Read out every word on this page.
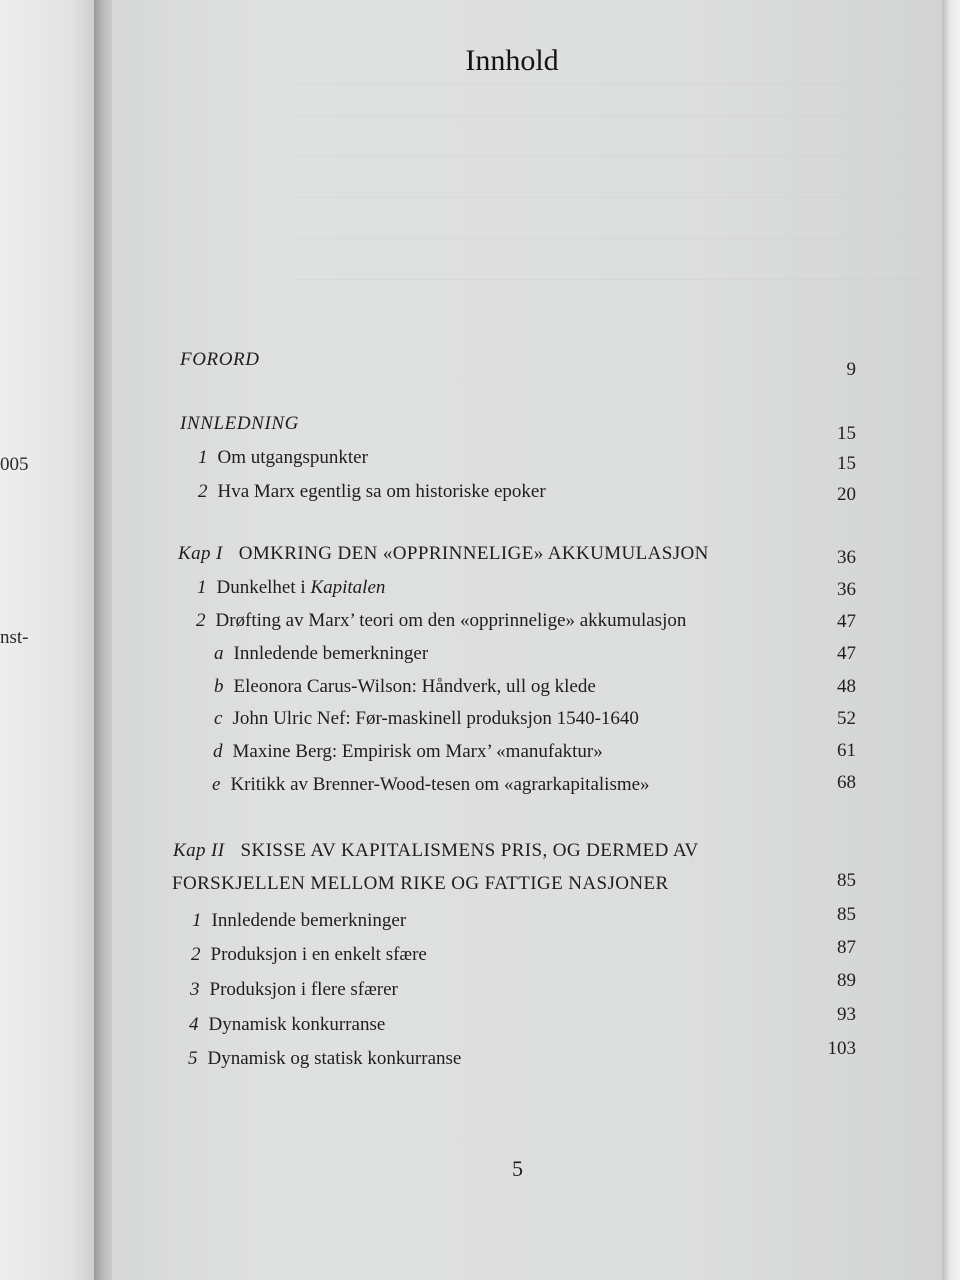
005
nst-
Innhold
FORORD	9
INNLEDNING	15
1 Om utgangspunkter	15
2 Hva Marx egentlig sa om historiske epoker	20
Kap I OMKRING DEN «OPPRINNELIGE» AKKUMULASJON	36
1 Dunkelhet i Kapitalen	36
2 Drøfting av Marx’ teori om den «opprinnelige» akkumulasjon	47
a Innledende bemerkninger	47
b Eleonora Carus-Wilson: Håndverk, ull og klede	48
c John Ulric Nef: Før-maskinell produksjon 1540-1640	52
d Maxine Berg: Empirisk om Marx’ «manufaktur»	61
e Kritikk av Brenner-Wood-tesen om «agrarkapitalisme»	68
Kap II SKISSE AV KAPITALISMENS PRIS, OG DERMED AV
FORSKJELLEN MELLOM RIKE OG FATTIGE NASJONER	85
1 Innledende bemerkninger	85
2 Produksjon i en enkelt sfære	87
3 Produksjon i flere sfærer	89
4 Dynamisk konkurranse	93
5 Dynamisk og statisk konkurranse	103
5
